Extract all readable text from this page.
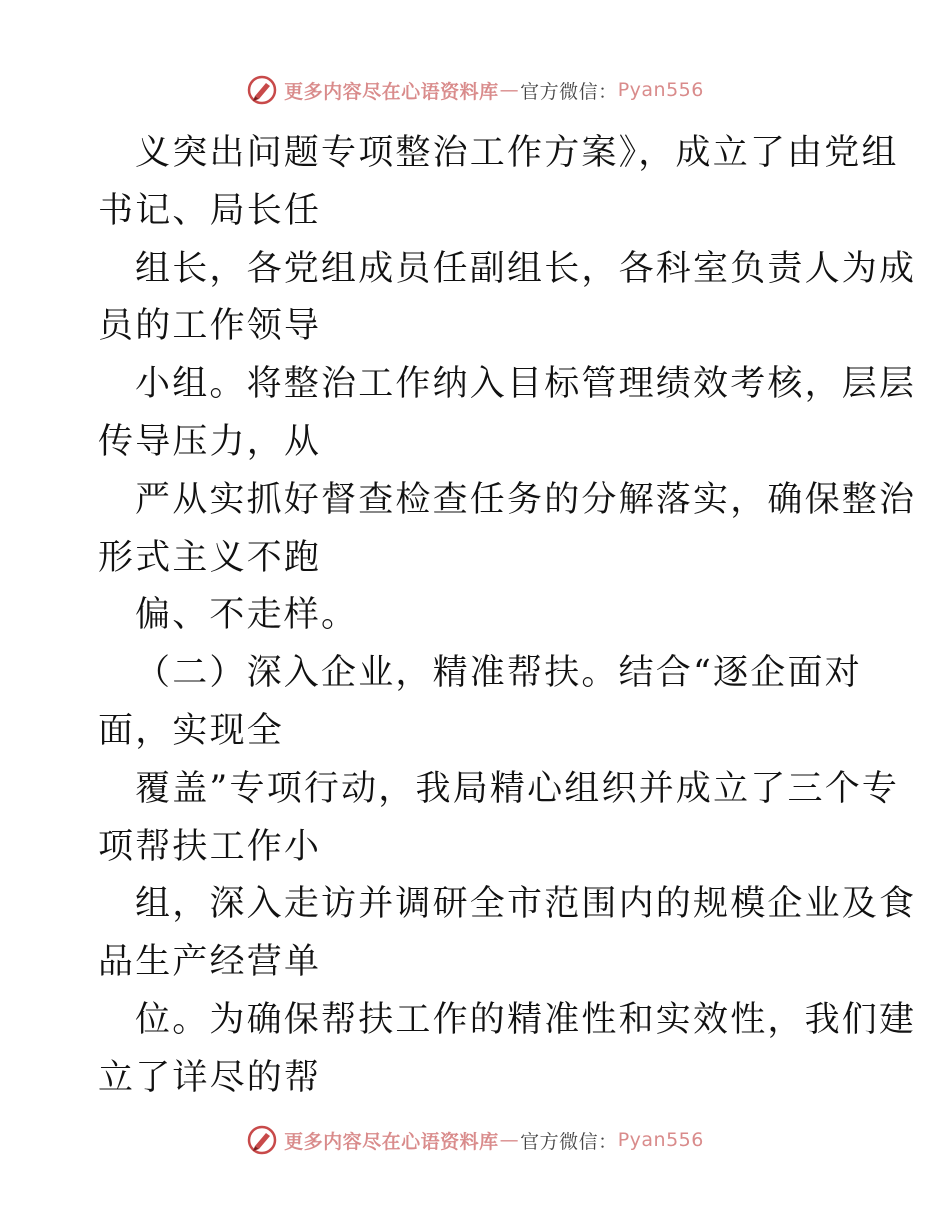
更多内容尽在心语资料库 — 官方微信： Pyan556
义突出问题专项整治工作方案》，成立了由党组
书记、局长任
组长，各党组成员任副组长，各科室负责人为成
员的工作领导
小组。将整治工作纳入目标管理绩效考核，层层
传导压力，从
严从实抓好督查检查任务的分解落实，确保整治
形式主义不跑
偏、不走样。
（二）深入企业，精准帮扶。结合“逐企面对
面，实现全
覆盖”专项行动，我局精心组织并成立了三个专
项帮扶工作小
组，深入走访并调研全市范围内的规模企业及食
品生产经营单
位。为确保帮扶工作的精准性和实效性，我们建
立了详尽的帮
更多内容尽在心语资料库 — 官方微信： Pyan556
